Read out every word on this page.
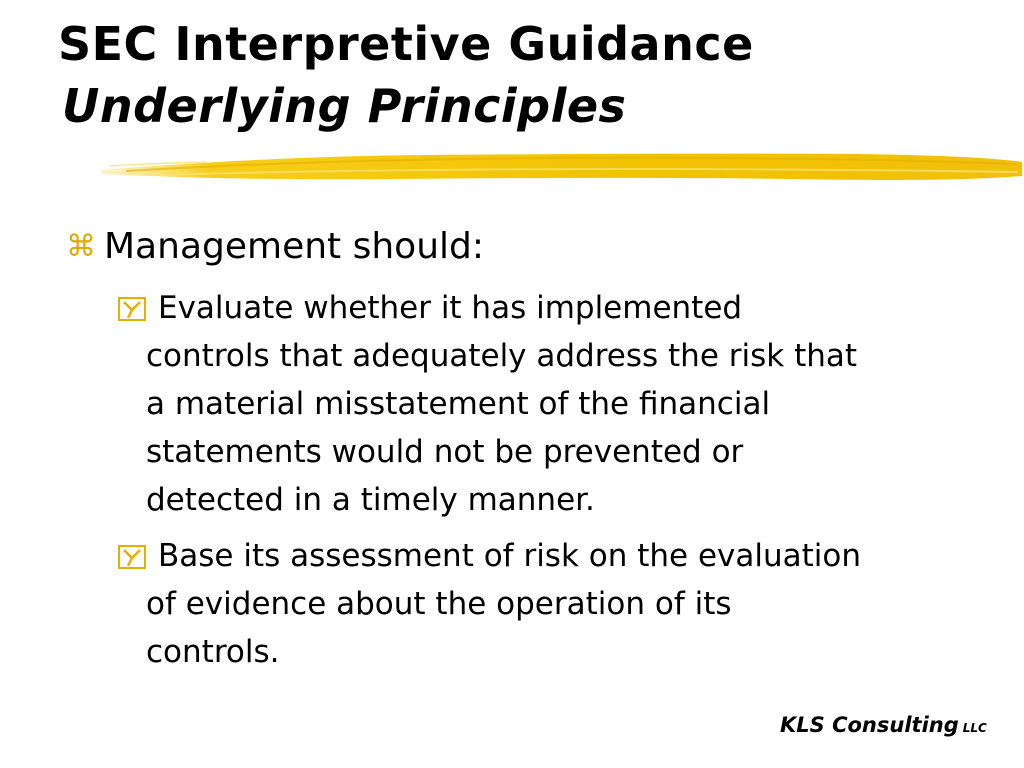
SEC Interpretive Guidance
Underlying Principles
⌘ Management should:
Evaluate whether it has implemented
controls that adequately address the risk that
a material misstatement of the financial
statements would not be prevented or
detected in a timely manner.
Base its assessment of risk on the evaluation
of evidence about the operation of its
controls.
KLS Consulting LLC
